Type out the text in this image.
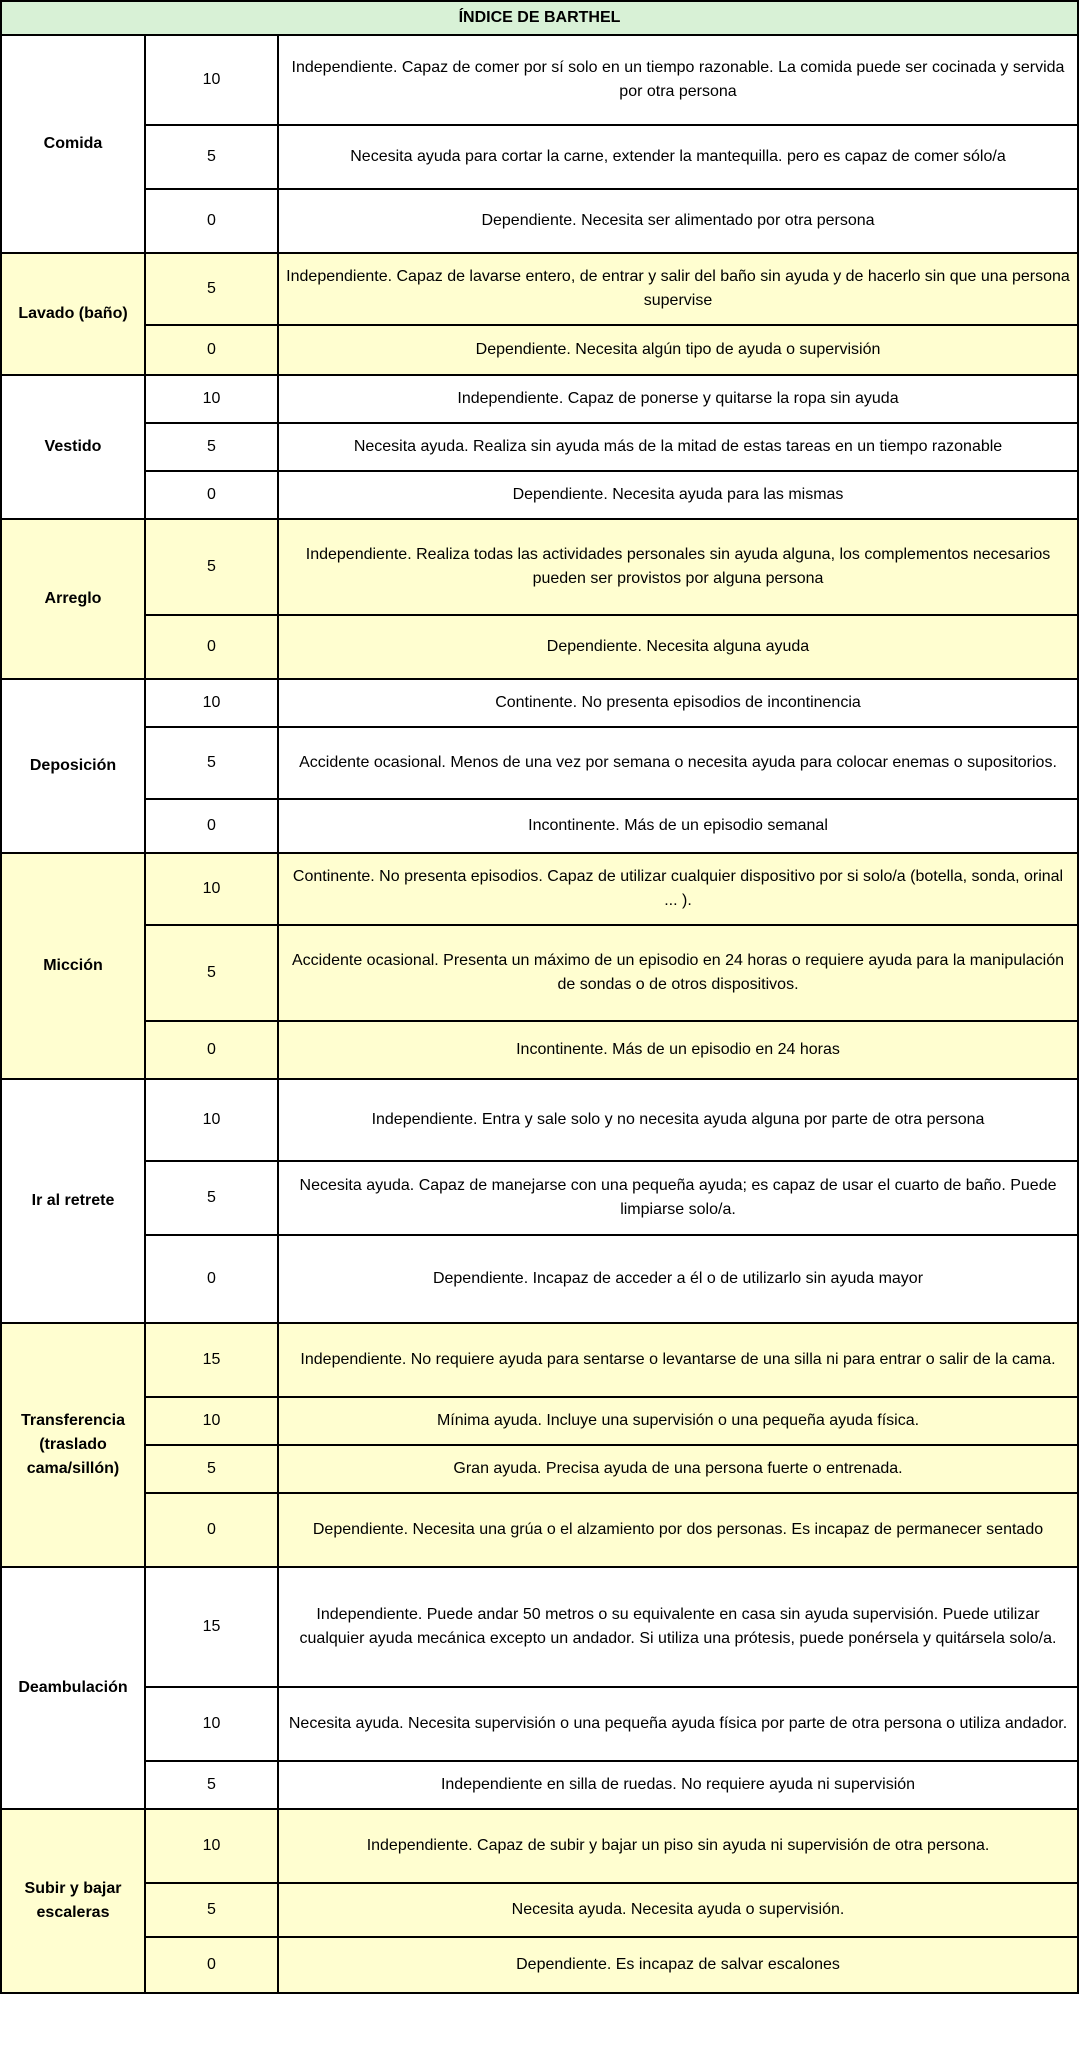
ÍNDICE DE BARTHEL		
Comida	10	Independiente. Capaz de comer por sí solo en un tiempo razonable. La comida puede ser cocinada y servida por otra persona
	5	Necesita ayuda para cortar la carne, extender la mantequilla. pero es capaz de comer sólo/a
	0	Dependiente. Necesita ser alimentado por otra persona
Lavado (baño)	5	Independiente. Capaz de lavarse entero, de entrar y salir del baño sin ayuda y de hacerlo sin que una persona supervise
	0	Dependiente. Necesita algún tipo de ayuda o supervisión
Vestido	10	Independiente. Capaz de ponerse y quitarse la ropa sin ayuda
	5	Necesita ayuda. Realiza sin ayuda más de la mitad de estas tareas en un tiempo razonable
	0	Dependiente. Necesita ayuda para las mismas
Arreglo	5	Independiente. Realiza todas las actividades personales sin ayuda alguna, los complementos necesarios pueden ser provistos por alguna persona
	0	Dependiente. Necesita alguna ayuda
Deposición	10	Continente. No presenta episodios de incontinencia
	5	Accidente ocasional. Menos de una vez por semana o necesita ayuda para colocar enemas o supositorios.
	0	Incontinente. Más de un episodio semanal
Micción	10	Continente. No presenta episodios. Capaz de utilizar cualquier dispositivo por si solo/a (botella, sonda, orinal ... ).
	5	Accidente ocasional. Presenta un máximo de un episodio en 24 horas o requiere ayuda para la manipulación de sondas o de otros dispositivos.
	0	Incontinente. Más de un episodio en 24 horas
Ir al retrete	10	Independiente. Entra y sale solo y no necesita ayuda alguna por parte de otra persona
	5	Necesita ayuda. Capaz de manejarse con una pequeña ayuda; es capaz de usar el cuarto de baño. Puede limpiarse solo/a.
	0	Dependiente. Incapaz de acceder a él o de utilizarlo sin ayuda mayor
Transferencia (traslado cama/sillón)	15	Independiente. No requiere ayuda para sentarse o levantarse de una silla ni para entrar o salir de la cama.
	10	Mínima ayuda. Incluye una supervisión o una pequeña ayuda física.
	5	Gran ayuda. Precisa ayuda de una persona fuerte o entrenada.
	0	Dependiente. Necesita una grúa o el alzamiento por dos personas. Es incapaz de permanecer sentado
Deambulación	15	Independiente. Puede andar 50 metros o su equivalente en casa sin ayuda supervisión. Puede utilizar cualquier ayuda mecánica excepto un andador. Si utiliza una prótesis, puede ponérsela y quitársela solo/a.
	10	Necesita ayuda. Necesita supervisión o una pequeña ayuda física por parte de otra persona o utiliza andador.
	5	Independiente en silla de ruedas. No requiere ayuda ni supervisión
Subir y bajar escaleras	10	Independiente. Capaz de subir y bajar un piso sin ayuda ni supervisión de otra persona.
	5	Necesita ayuda. Necesita ayuda o supervisión.
	0	Dependiente. Es incapaz de salvar escalones
